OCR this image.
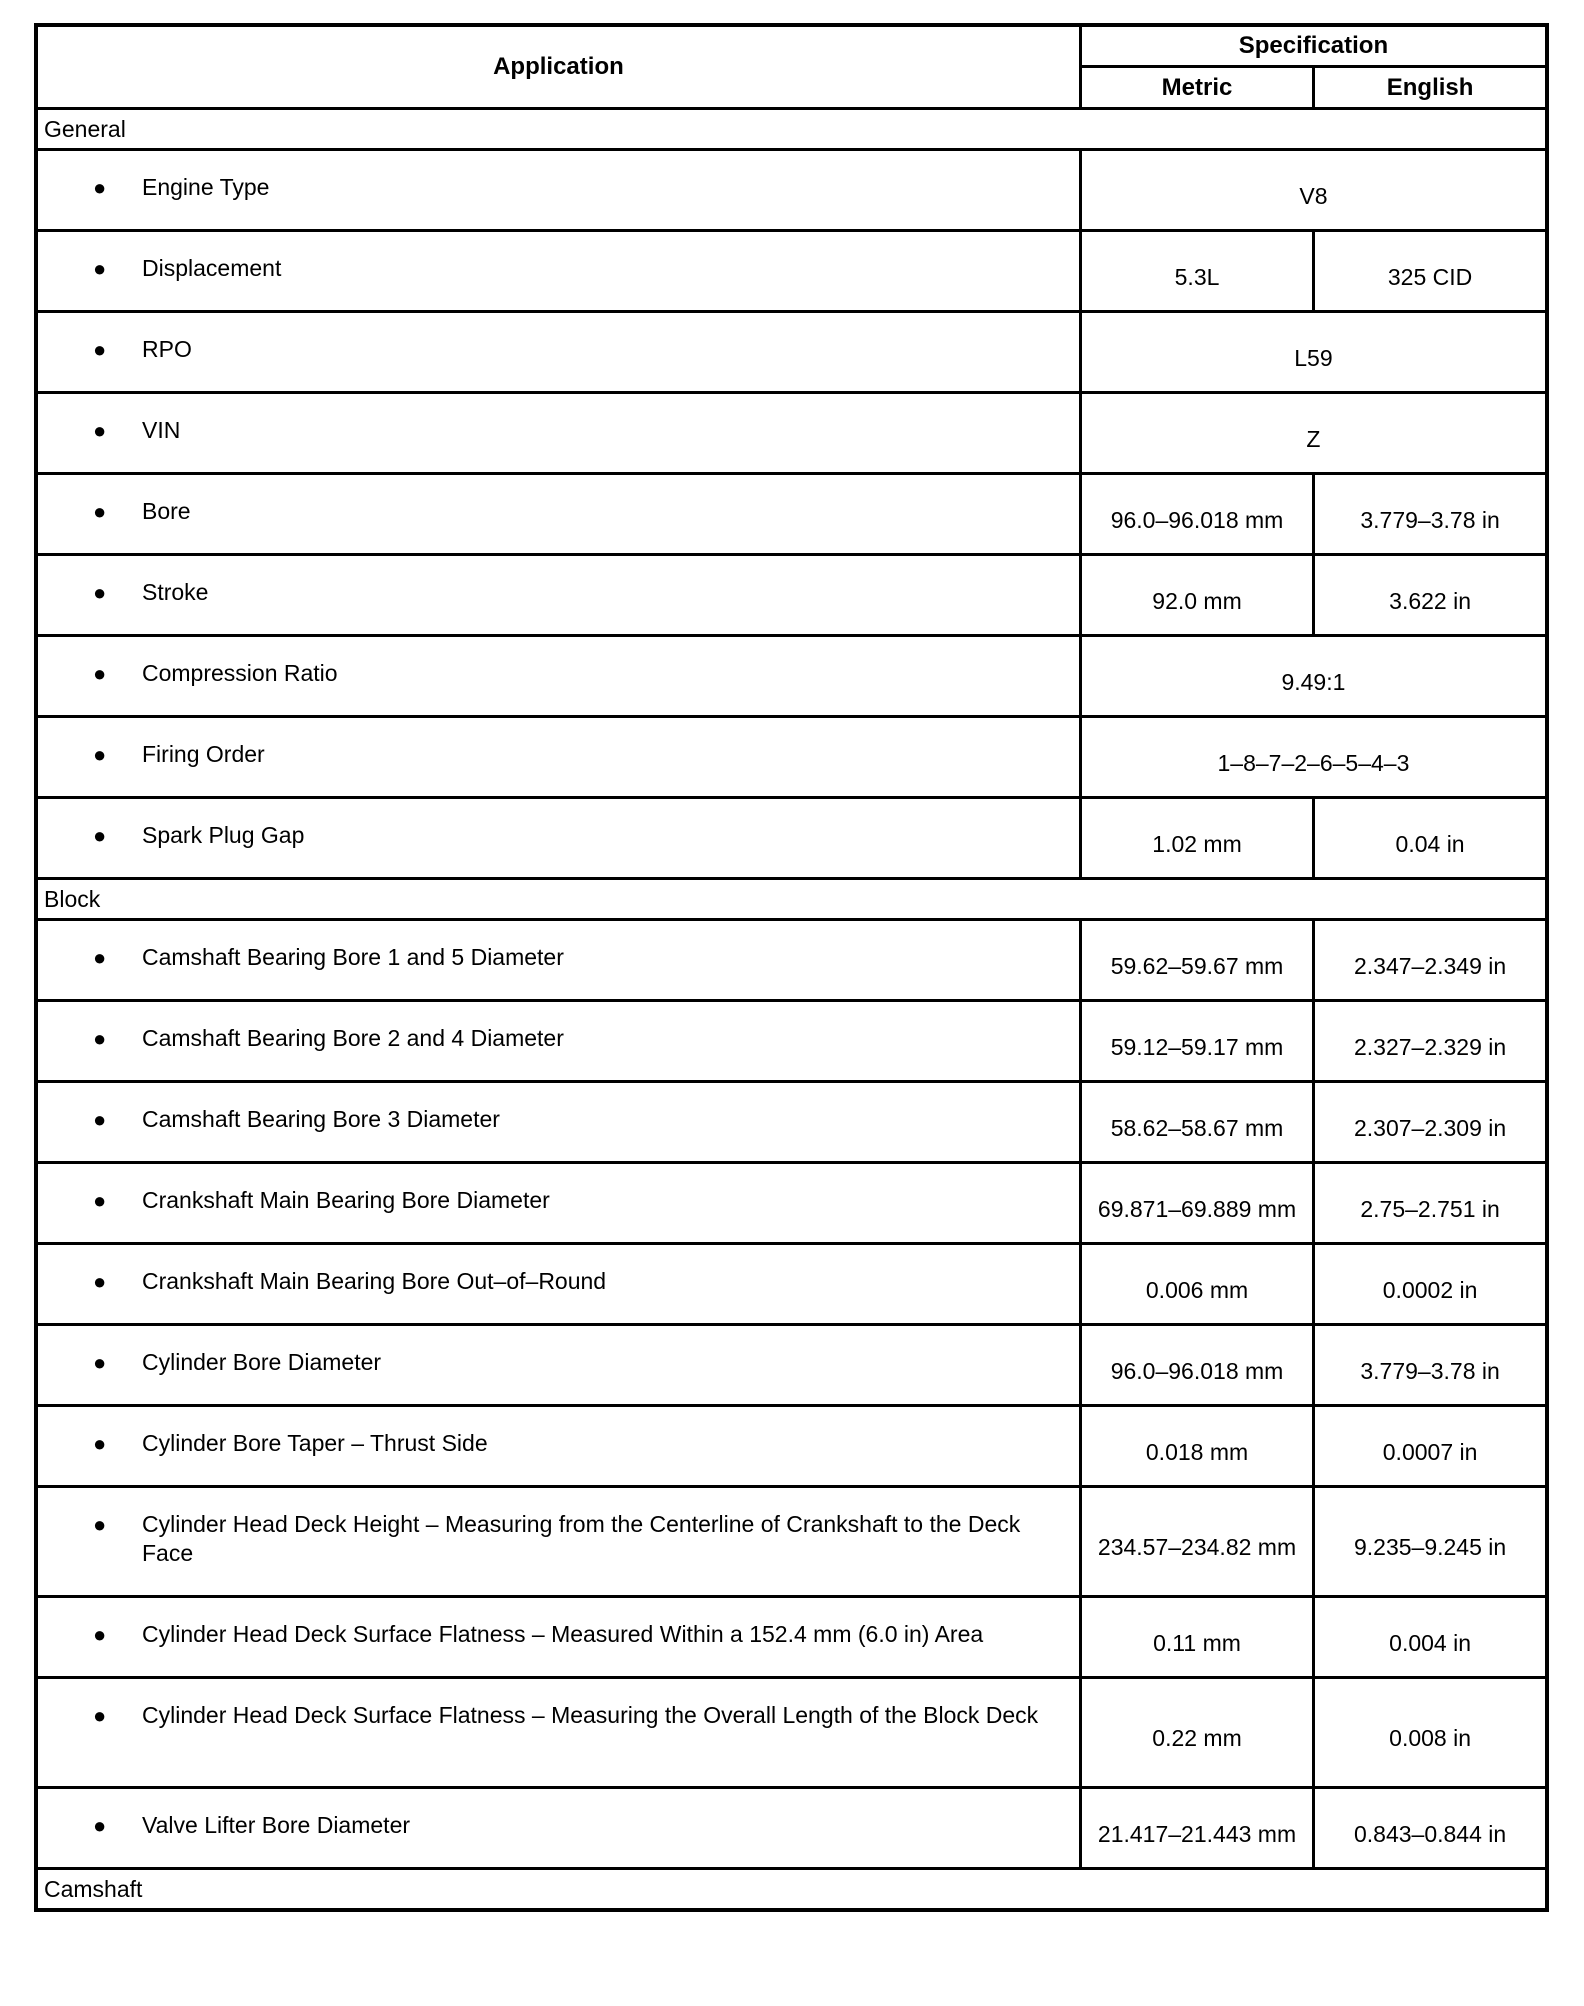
Application	Specification	
	Metric	English
General		

● Engine Type	V8	

● Displacement	5.3L	325 CID

● RPO	L59	

● VIN	Z	

● Bore	96.0–96.018 mm	3.779–3.78 in

● Stroke	92.0 mm	3.622 in

● Compression Ratio	9.49:1	

● Firing Order	1–8–7–2–6–5–4–3	

● Spark Plug Gap	1.02 mm	0.04 in
Block		

● Camshaft Bearing Bore 1 and 5 Diameter	59.62–59.67 mm	2.347–2.349 in

● Camshaft Bearing Bore 2 and 4 Diameter	59.12–59.17 mm	2.327–2.329 in

● Camshaft Bearing Bore 3 Diameter	58.62–58.67 mm	2.307–2.309 in

● Crankshaft Main Bearing Bore Diameter	69.871–69.889 mm	2.75–2.751 in

● Crankshaft Main Bearing Bore Out–of–Round	0.006 mm	0.0002 in

● Cylinder Bore Diameter	96.0–96.018 mm	3.779–3.78 in

● Cylinder Bore Taper – Thrust Side	0.018 mm	0.0007 in

● Cylinder Head Deck Height – Measuring from the Centerline of Crankshaft to the Deck Face	234.57–234.82 mm	9.235–9.245 in

● Cylinder Head Deck Surface Flatness – Measured Within a 152.4 mm (6.0 in) Area	0.11 mm	0.004 in

● Cylinder Head Deck Surface Flatness – Measuring the Overall Length of the Block Deck	0.22 mm	0.008 in

● Valve Lifter Bore Diameter	21.417–21.443 mm	0.843–0.844 in
Camshaft		
